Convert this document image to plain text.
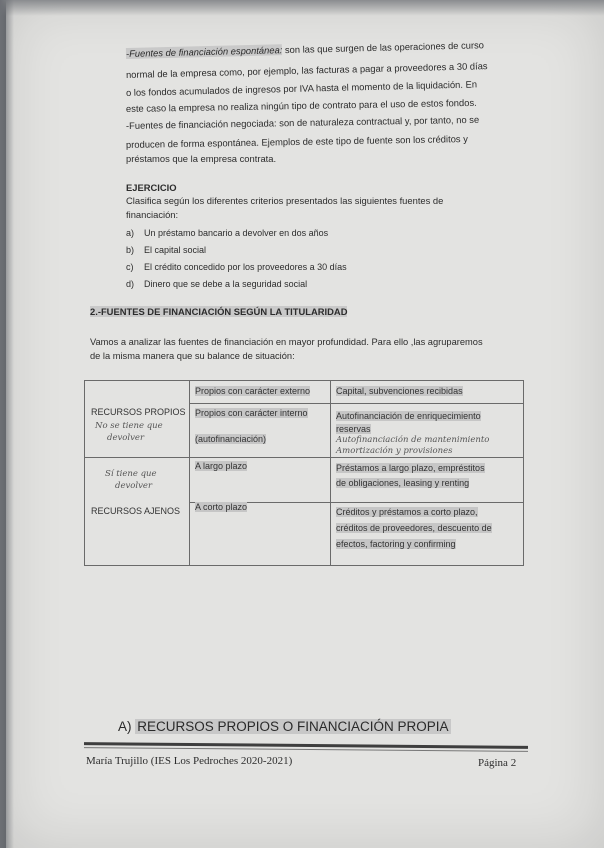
-Fuentes de financiación espontánea: son las que surgen de las operaciones de curso
normal de la empresa como, por ejemplo, las facturas a pagar a proveedores a 30 días
o los fondos acumulados de ingresos por IVA hasta el momento de la liquidación. En
este caso la empresa no realiza ningún tipo de contrato para el uso de estos fondos.
-Fuentes de financiación negociada: son de naturaleza contractual y, por tanto, no se
producen de forma espontánea. Ejemplos de este tipo de fuente son los créditos y
préstamos que la empresa contrata.
EJERCICIO
Clasifica según los diferentes criterios presentados las siguientes fuentes de
financiación:
a) Un préstamo bancario a devolver en dos años
b) El capital social
c) El crédito concedido por los proveedores a 30 días
d) Dinero que se debe a la seguridad social
2.-FUENTES DE FINANCIACIÓN SEGÚN LA TITULARIDAD
Vamos a analizar las fuentes de financiación en mayor profundidad. Para ello ,las agruparemos
de la misma manera que su balance de situación:
RECURSOS PROPIOS
No se tiene que
devolver
Sí tiene que
devolver
RECURSOS AJENOS
Propios con carácter externo
Propios con carácter interno
(autofinanciación)
A largo plazo
A corto plazo
Capital, subvenciones recibidas
Autofinanciación de enriquecimiento
reservas
Autofinanciación de mantenimiento
Amortización y provisiones
Préstamos a largo plazo, empréstitos
de obligaciones, leasing y renting
Créditos y préstamos a corto plazo,
créditos de proveedores, descuento de
efectos, factoring y confirming
A) RECURSOS PROPIOS O FINANCIACIÓN PROPIA
María Trujillo (IES Los Pedroches 2020-2021)	Página 2
